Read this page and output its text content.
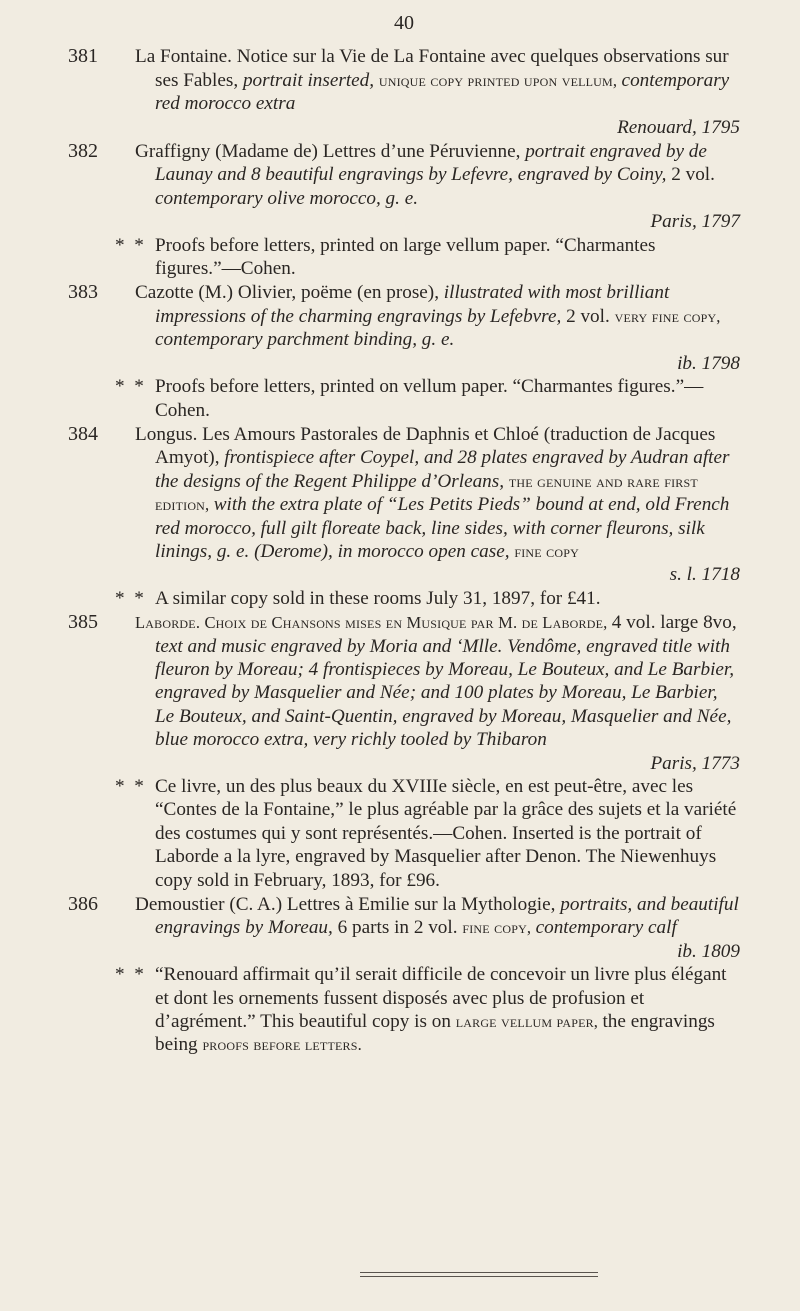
40
381	La Fontaine. Notice sur la Vie de La Fontaine avec quelques observations sur ses Fables, portrait inserted, unique copy printed upon vellum, contemporary red morocco extra
Renouard, 1795

382	Graffigny (Madame de) Lettres d’une Péruvienne, portrait engraved by de Launay and 8 beautiful engravings by Lefevre, engraved by Coiny, 2 vol. contemporary olive morocco, g. e.
Paris, 1797

* * Proofs before letters, printed on large vellum paper. “Charmantes figures.”—Cohen.

383	Cazotte (M.) Olivier, poëme (en prose), illustrated with most brilliant impressions of the charming engravings by Lefebvre, 2 vol. very fine copy, contemporary parchment binding, g. e.
ib. 1798

* * Proofs before letters, printed on vellum paper. “Charmantes figures.”—Cohen.

384	Longus. Les Amours Pastorales de Daphnis et Chloé (traduction de Jacques Amyot), frontispiece after Coypel, and 28 plates engraved by Audran after the designs of the Regent Philippe d’Orleans, the genuine and rare first edition, with the extra plate of “Les Petits Pieds” bound at end, old French red morocco, full gilt floreate back, line sides, with corner fleurons, silk linings, g. e. (Derome), in morocco open case, fine copy
s. l. 1718

* * A similar copy sold in these rooms July 31, 1897, for £41.

385	Laborde. Choix de Chansons mises en Musique par M. de Laborde, 4 vol. large 8vo, text and music engraved by Moria and ‘Mlle. Vendôme, engraved title with fleuron by Moreau; 4 frontispieces by Moreau, Le Bouteux, and Le Barbier, engraved by Masquelier and Née; and 100 plates by Moreau, Le Barbier, Le Bouteux, and Saint-Quentin, engraved by Moreau, Masquelier and Née, blue morocco extra, very richly tooled by Thibaron
Paris, 1773

* * Ce livre, un des plus beaux du XVIIIe siècle, en est peut-être, avec les “Contes de la Fontaine,” le plus agréable par la grâce des sujets et la variété des costumes qui y sont représentés.—Cohen. Inserted is the portrait of Laborde a la lyre, engraved by Masquelier after Denon. The Niewenhuys copy sold in February, 1893, for £96.

386	Demoustier (C. A.) Lettres à Emilie sur la Mythologie, portraits, and beautiful engravings by Moreau, 6 parts in 2 vol. fine copy, contemporary calf
ib. 1809

* * “Renouard affirmait qu’il serait difficile de concevoir un livre plus élégant et dont les ornements fussent disposés avec plus de profusion et d’agrément.” This beautiful copy is on large vellum paper, the engravings being proofs before letters.
